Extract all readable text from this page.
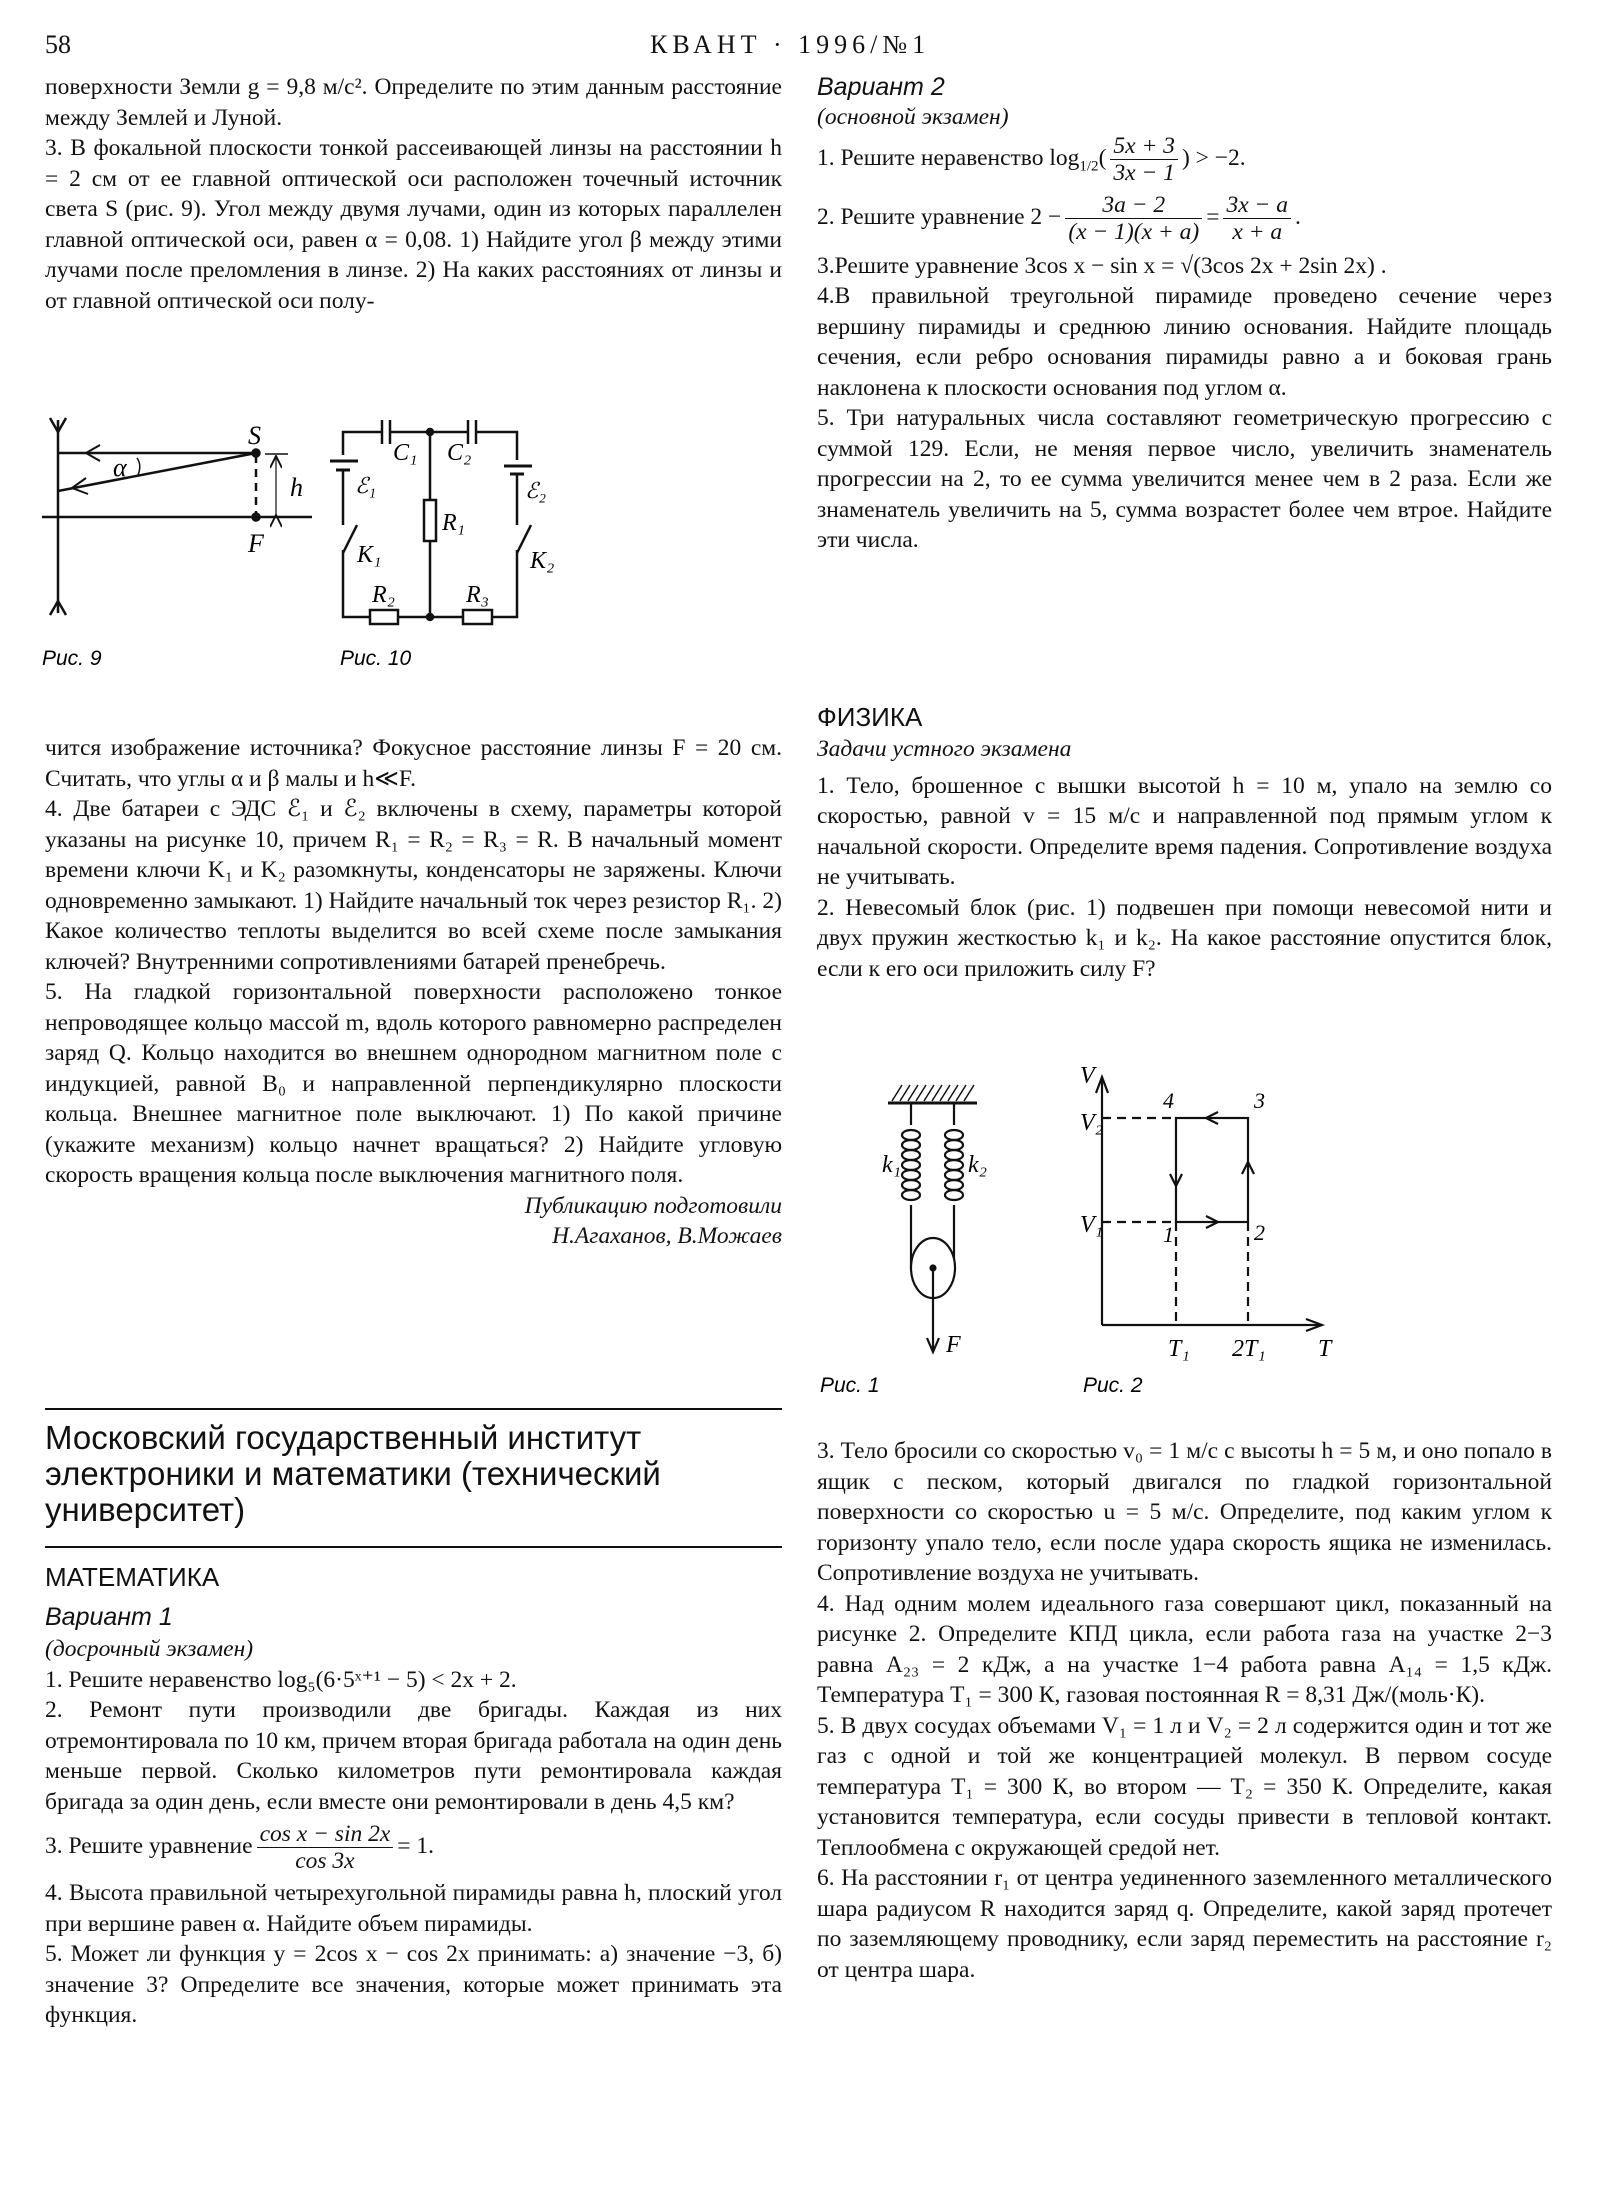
58	КВАНТ · 1996/№1

поверхности Земли g = 9,8 м/с². Определите по этим данным расстояние между Землей и Луной.

3. В фокальной плоскости тонкой рассеивающей линзы на расстоянии h = 2 см от ее главной оптической оси расположен точечный источник света S (рис. 9). Угол между двумя лучами, один из которых параллелен главной оптической оси, равен α = 0,08. 1) Найдите угол β между этими лучами после преломления в линзе. 2) На каких расстояниях от линзы и от главной оптической оси полу-

чится изображение источника? Фокусное расстояние линзы F = 20 см. Считать, что углы α и β малы и h≪F.

4. Две батареи с ЭДС ℰ₁ и ℰ₂ включены в схему, параметры которой указаны на рисунке 10, причем R₁ = R₂ = R₃ = R. В начальный момент времени ключи K₁ и K₂ разомкнуты, конденсаторы не заряжены. Ключи одновременно замыкают. 1) Найдите начальный ток через резистор R₁. 2) Какое количество теплоты выделится во всей схеме после замыкания ключей? Внутренними сопротивлениями батарей пренебречь.

5. На гладкой горизонтальной поверхности расположено тонкое непроводящее кольцо массой m, вдоль которого равномерно распределен заряд Q. Кольцо находится во внешнем однородном магнитном поле с индукцией, равной B₀ и направленной перпендикулярно плоскости кольца. Внешнее магнитное поле выключают. 1) По какой причине (укажите механизм) кольцо начнет вращаться? 2) Найдите угловую скорость вращения кольца после выключения магнитного поля.

Публикацию подготовили

Н.Агаханов, В.Можаев

Московский государственный институт электроники и математики (технический университет)

МАТЕМАТИКА

Вариант 1

(досрочный экзамен)

1. Решите неравенство log₅(6·5ˣ⁺¹ − 5) < 2x + 2.

2. Ремонт пути производили две бригады. Каждая из них отремонтировала по 10 км, причем вторая бригада работала на один день меньше первой. Сколько километров пути ремонтировала каждая бригада за один день, если вместе они ремонтировали в день 4,5 км?

3. Решите уравнение $\frac{\text{cos x − sin 2x}}{\cos 3x} = 1$.

4. Высота правильной четырехугольной пирамиды равна h, плоский угол при вершине равен α. Найдите объем пирамиды.

5. Может ли функция y = 2cos x − cos 2x принимать: а) значение −3, б) значение 3? Определите все значения, которые может принимать эта функция.

Вариант 2

(основной экзамен)

1. Решите неравенство $\log_{1/2}( \frac{5x + 3}{3x - 1}$ ) > −2.

2. Решите уравнение $2 - \frac{3a - 2}{(x - 1)(x + a)} = \frac{3x - a}{x + a}$ .

3.Решите уравнение 3cos x − sin x = √(3cos 2x + 2sin 2x) .

4.В правильной треугольной пирамиде проведено сечение через вершину пирамиды и среднюю линию основания. Найдите площадь сечения, если ребро основания пирамиды равно a и боковая грань наклонена к плоскости основания под углом α.

5. Три натуральных числа составляют геометрическую прогрессию с суммой 129. Если, не меняя первое число, увеличить знаменатель прогрессии на 2, то ее сумма увеличится менее чем в 2 раза. Если же знаменатель увеличить на 5, сумма возрастет более чем втрое. Найдите эти числа.

ФИЗИКА

Задачи устного экзамена

1. Тело, брошенное с вышки высотой h = 10 м, упало на землю со скоростью, равной v = 15 м/с и направленной под прямым углом к начальной скорости. Определите время падения. Сопротивление воздуха не учитывать.

2. Невесомый блок (рис. 1) подвешен при помощи невесомой нити и двух пружин жесткостью k₁ и k₂. На какое расстояние опустится блок, если к его оси приложить силу F?

3. Тело бросили со скоростью v₀ = 1 м/с с высоты h = 5 м, и оно попало в ящик с песком, который двигался по гладкой горизонтальной поверхности со скоростью u = 5 м/с. Определите, под каким углом к горизонту упало тело, если после удара скорость ящика не изменилась. Сопротивление воздуха не учитывать.

4. Над одним молем идеального газа совершают цикл, показанный на рисунке 2. Определите КПД цикла, если работа газа на участке 2−3 равна A₂₃ = 2 кДж, а на участке 1−4 работа равна A₁₄ = 1,5 кДж. Температура T₁ = 300 К, газовая постоянная R = 8,31 Дж/(моль·К).

5. В двух сосудах объемами V₁ = 1 л и V₂ = 2 л содержится один и тот же газ с одной и той же концентрацией молекул. В первом сосуде температура T₁ = 300 К, во втором — T₂ = 350 К. Определите, какая установится температура, если сосуды привести в тепловой контакт. Теплообмена с окружающей средой нет.

6. На расстоянии r₁ от центра уединенного заземленного металлического шара радиусом R находится заряд q. Определите, какой заряд протечет по заземляющему проводнику, если заряд переместить на расстояние r₂ от центра шара.

S
F
h
α
Рис. 9
C₁ C₂
ℰ₁	ℰ₂
R₁
R₂	R₃
K₁	K₂
Рис. 10
k₁	k₂
F
Рис. 1
V
V₂
V₁
T₁ 2T₁ T
1	2
3
4
Рис. 2
